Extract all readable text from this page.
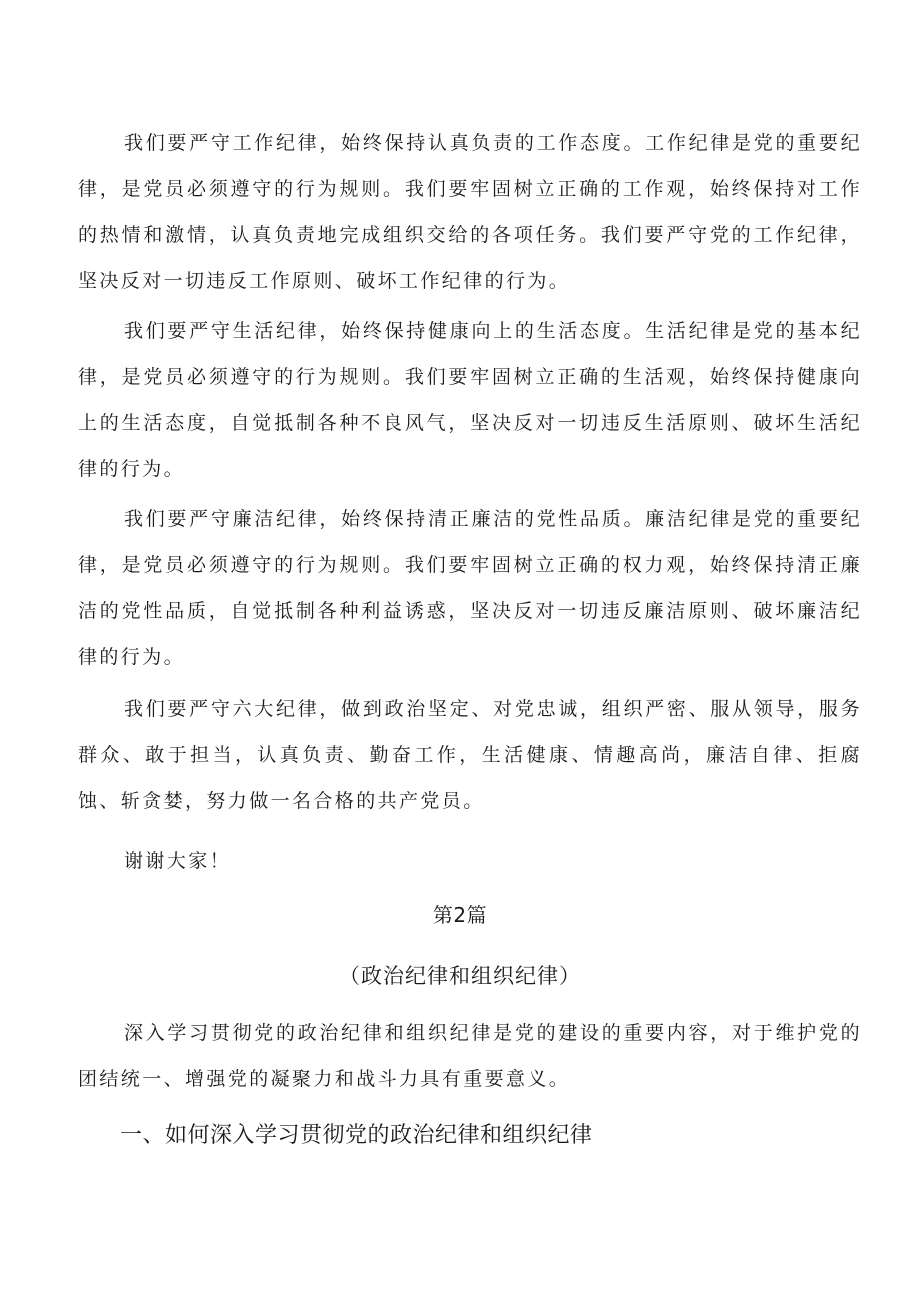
我们要严守工作纪律，始终保持认真负责的工作态度。工作纪律是党的重要纪律，是党员必须遵守的行为规则。我们要牢固树立正确的工作观，始终保持对工作的热情和激情，认真负责地完成组织交给的各项任务。我们要严守党的工作纪律，坚决反对一切违反工作原则、破坏工作纪律的行为。

我们要严守生活纪律，始终保持健康向上的生活态度。生活纪律是党的基本纪律，是党员必须遵守的行为规则。我们要牢固树立正确的生活观，始终保持健康向上的生活态度，自觉抵制各种不良风气，坚决反对一切违反生活原则、破坏生活纪律的行为。

我们要严守廉洁纪律，始终保持清正廉洁的党性品质。廉洁纪律是党的重要纪律，是党员必须遵守的行为规则。我们要牢固树立正确的权力观，始终保持清正廉洁的党性品质，自觉抵制各种利益诱惑，坚决反对一切违反廉洁原则、破坏廉洁纪律的行为。

我们要严守六大纪律，做到政治坚定、对党忠诚，组织严密、服从领导，服务群众、敢于担当，认真负责、勤奋工作，生活健康、情趣高尚，廉洁自律、拒腐蚀、斩贪婪，努力做一名合格的共产党员。

谢谢大家！

第2篇

（政治纪律和组织纪律）

深入学习贯彻党的政治纪律和组织纪律是党的建设的重要内容，对于维护党的团结统一、增强党的凝聚力和战斗力具有重要意义。

一、如何深入学习贯彻党的政治纪律和组织纪律
